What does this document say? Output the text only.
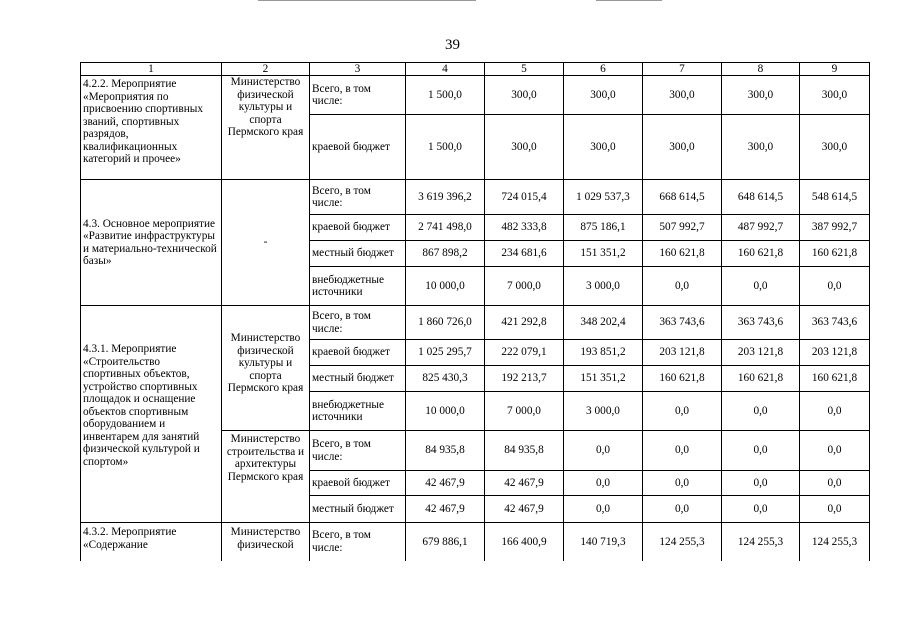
39
1	2	3	4	5	6	7	8	9
4.2.2. Мероприятие «Мероприятия по присвоению спортивных званий, спортивных разрядов, квалификационных категорий и прочее»	Министерство физической культуры и спорта Пермского края	Всего, в том числе:	1 500,0	300,0	300,0	300,0	300,0	300,0
		краевой бюджет	1 500,0	300,0	300,0	300,0	300,0	300,0
4.3. Основное мероприятие «Развитие инфраструктуры и материально-технической базы»	-	Всего, в том числе:	3 619 396,2	724 015,4	1 029 537,3	668 614,5	648 614,5	548 614,5
		краевой бюджет	2 741 498,0	482 333,8	875 186,1	507 992,7	487 992,7	387 992,7
		местный бюджет	867 898,2	234 681,6	151 351,2	160 621,8	160 621,8	160 621,8
		внебюджетные источники	10 000,0	7 000,0	3 000,0	0,0	0,0	0,0
4.3.1. Мероприятие «Строительство спортивных объектов, устройство спортивных площадок и оснащение объектов спортивным оборудованием и инвентарем для занятий физической культурой и спортом»	Министерство физической культуры и спорта Пермского края	Всего, в том числе:	1 860 726,0	421 292,8	348 202,4	363 743,6	363 743,6	363 743,6
		краевой бюджет	1 025 295,7	222 079,1	193 851,2	203 121,8	203 121,8	203 121,8
		местный бюджет	825 430,3	192 213,7	151 351,2	160 621,8	160 621,8	160 621,8
		внебюджетные источники	10 000,0	7 000,0	3 000,0	0,0	0,0	0,0
	Министерство строительства и архитектуры Пермского края	Всего, в том числе:	84 935,8	84 935,8	0,0	0,0	0,0	0,0
		краевой бюджет	42 467,9	42 467,9	0,0	0,0	0,0	0,0
		местный бюджет	42 467,9	42 467,9	0,0	0,0	0,0	0,0
4.3.2. Мероприятие «Содержание	Министерство физической	Всего, в том числе:	679 886,1	166 400,9	140 719,3	124 255,3	124 255,3	124 255,3
